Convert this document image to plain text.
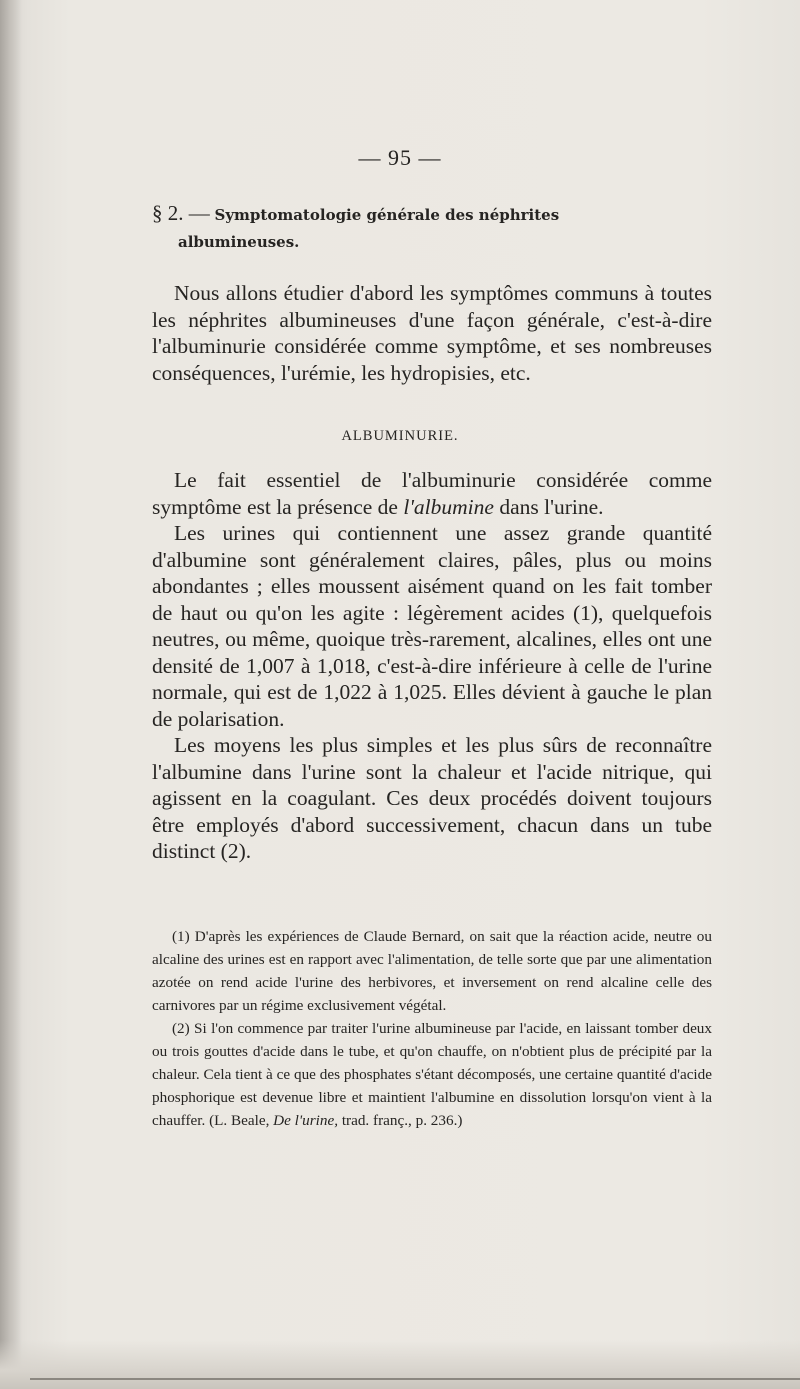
— 95 —
§ 2. — Symptomatologie générale des néphrites
albumineuses.

Nous allons étudier d'abord les symptômes communs à toutes les néphrites albumineuses d'une façon générale, c'est-à-dire l'albuminurie considérée comme symptôme, et ses nombreuses conséquences, l'urémie, les hydropisies, etc.

ALBUMINURIE.

Le fait essentiel de l'albuminurie considérée comme symptôme est la présence de l'albumine dans l'urine.

Les urines qui contiennent une assez grande quantité d'albumine sont généralement claires, pâles, plus ou moins abondantes ; elles moussent aisément quand on les fait tomber de haut ou qu'on les agite : légèrement acides (1), quelquefois neutres, ou même, quoique très-rarement, alcalines, elles ont une densité de 1,007 à 1,018, c'est-à-dire inférieure à celle de l'urine normale, qui est de 1,022 à 1,025. Elles dévient à gauche le plan de polarisation.

Les moyens les plus simples et les plus sûrs de reconnaître l'albumine dans l'urine sont la chaleur et l'acide nitrique, qui agissent en la coagulant. Ces deux procédés doivent toujours être employés d'abord successivement, chacun dans un tube distinct (2).

(1) D'après les expériences de Claude Bernard, on sait que la réaction acide, neutre ou alcaline des urines est en rapport avec l'alimentation, de telle sorte que par une alimentation azotée on rend acide l'urine des herbivores, et inversement on rend alcaline celle des carnivores par un régime exclusivement végétal.

(2) Si l'on commence par traiter l'urine albumineuse par l'acide, en laissant tomber deux ou trois gouttes d'acide dans le tube, et qu'on chauffe, on n'obtient plus de précipité par la chaleur. Cela tient à ce que des phosphates s'étant décomposés, une certaine quantité d'acide phosphorique est devenue libre et maintient l'albumine en dissolution lorsqu'on vient à la chauffer. (L. Beale, De l'urine, trad. franç., p. 236.)
